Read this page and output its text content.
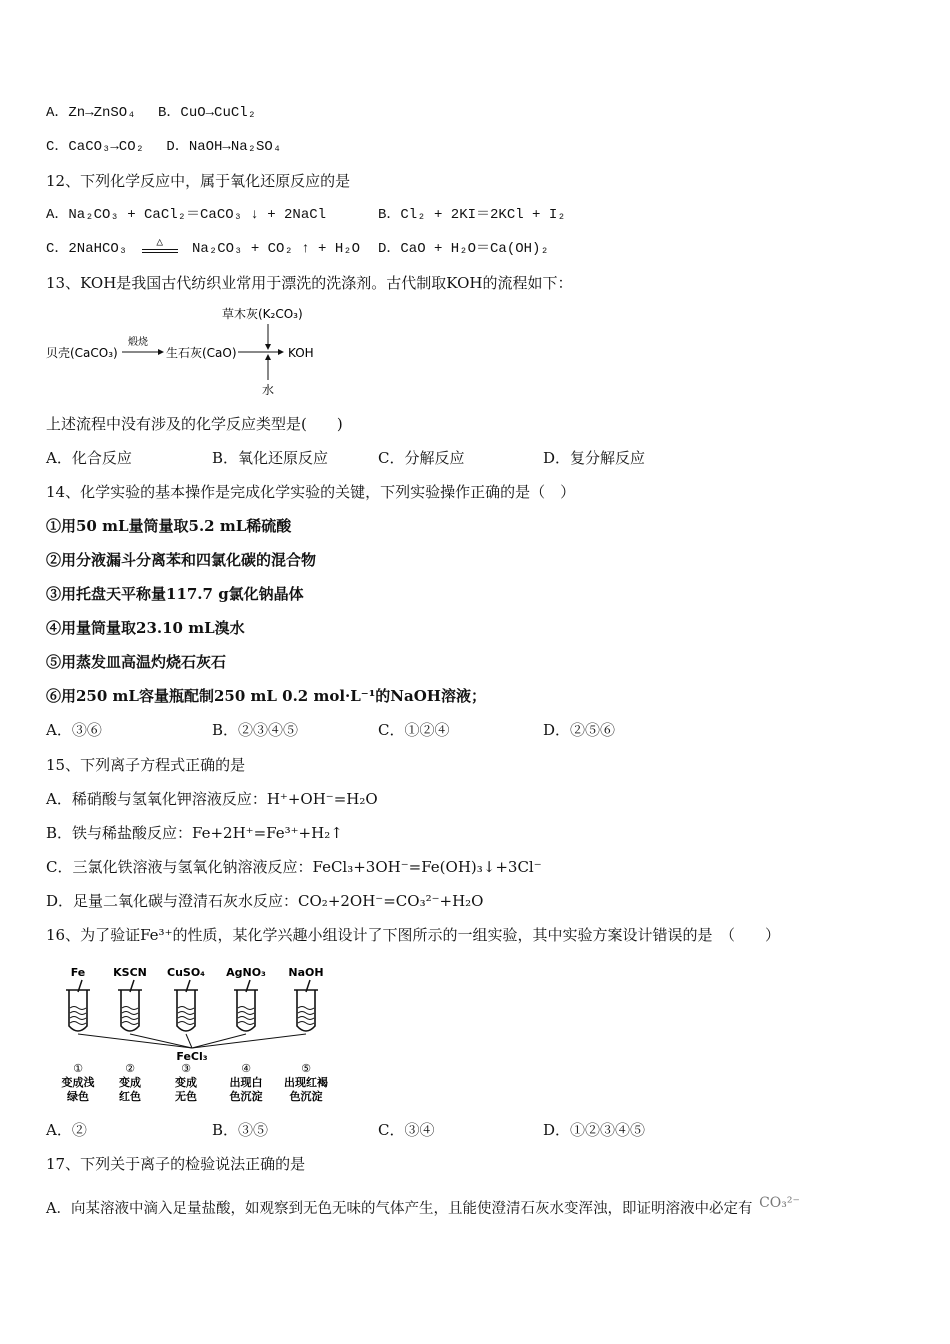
A．Zn→ZnSO₄ B．CuO→CuCl₂
C．CaCO₃→CO₂ D．NaOH→Na₂SO₄
12、下列化学反应中，属于氧化还原反应的是
A．Na₂CO₃ + CaCl₂＝CaCO₃ ↓ + 2NaCl	B．Cl₂ + 2KI＝2KCl + I₂
C．2NaHCO₃	△	Na₂CO₃ + CO₂ ↑ + H₂O D．CaO + H₂O＝Ca(OH)₂
13、KOH是我国古代纺织业常用于漂洗的洗涤剂。古代制取KOH的流程如下：
贝壳(CaCO₃)
煅烧
生石灰(CaO)
草木灰(K₂CO₃)
水
KOH
上述流程中没有涉及的化学反应类型是(　　)
A．化合反应	B．氧化还原反应	C．分解反应	D．复分解反应
14、化学实验的基本操作是完成化学实验的关键，下列实验操作正确的是（　）
①用50 mL量筒量取5.2 mL稀硫酸
②用分液漏斗分离苯和四氯化碳的混合物
③用托盘天平称量117.7 g氯化钠晶体
④用量筒量取23.10 mL溴水
⑤用蒸发皿高温灼烧石灰石
⑥用250 mL容量瓶配制250 mL 0.2 mol·L⁻¹的NaOH溶液；
A．③⑥	B．②③④⑤	C．①②④	D．②⑤⑥
15、下列离子方程式正确的是
A．稀硝酸与氢氧化钾溶液反应：H⁺+OH⁻=H₂O
B．铁与稀盐酸反应：Fe+2H⁺=Fe³⁺+H₂↑
C．三氯化铁溶液与氢氧化钠溶液反应：FeCl₃+3OH⁻=Fe(OH)₃↓+3Cl⁻
D．足量二氧化碳与澄清石灰水反应：CO₂+2OH⁻=CO₃²⁻+H₂O
16、为了验证Fe³⁺的性质，某化学兴趣小组设计了下图所示的一组实验，其中实验方案设计错误的是　（　　）
Fe
①
变成浅
绿色
KSCN
②
变成
红色
CuSO₄
③
变成
无色
AgNO₃
④
出现白
色沉淀
NaOH
⑤
出现红褐
色沉淀
FeCl₃
A．②	B．③⑤	C．③④	D．①②③④⑤
17、下列关于离子的检验说法正确的是
A．向某溶液中滴入足量盐酸，如观察到无色无味的气体产生，且能使澄清石灰水变浑浊，即证明溶液中必定有 CO₃²⁻
